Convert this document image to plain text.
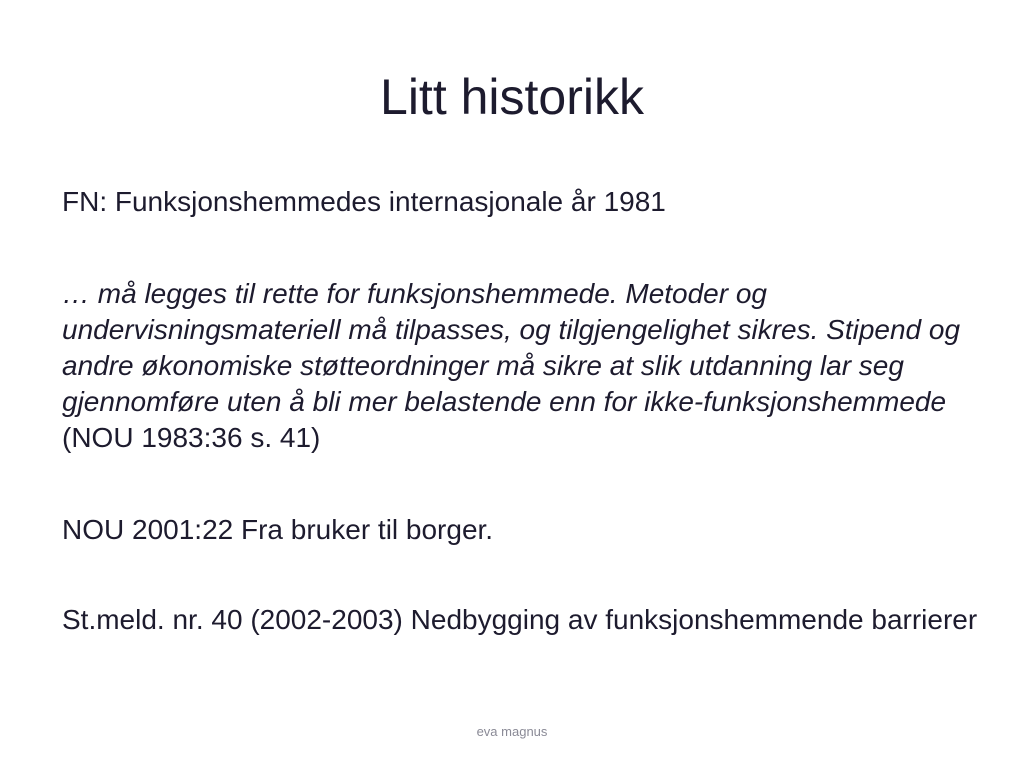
Litt historikk

FN: Funksjonshemmedes internasjonale år 1981

… må legges til rette for funksjonshemmede. Metoder og undervisningsmateriell må tilpasses, og tilgjengelighet sikres. Stipend og andre økonomiske støtteordninger må sikre at slik utdanning lar seg gjennomføre uten å bli mer belastende enn for ikke-funksjonshemmede (NOU 1983:36 s. 41)

NOU 2001:22 Fra bruker til borger.

St.meld. nr. 40 (2002-2003) Nedbygging av funksjonshemmende barrierer

eva magnus
